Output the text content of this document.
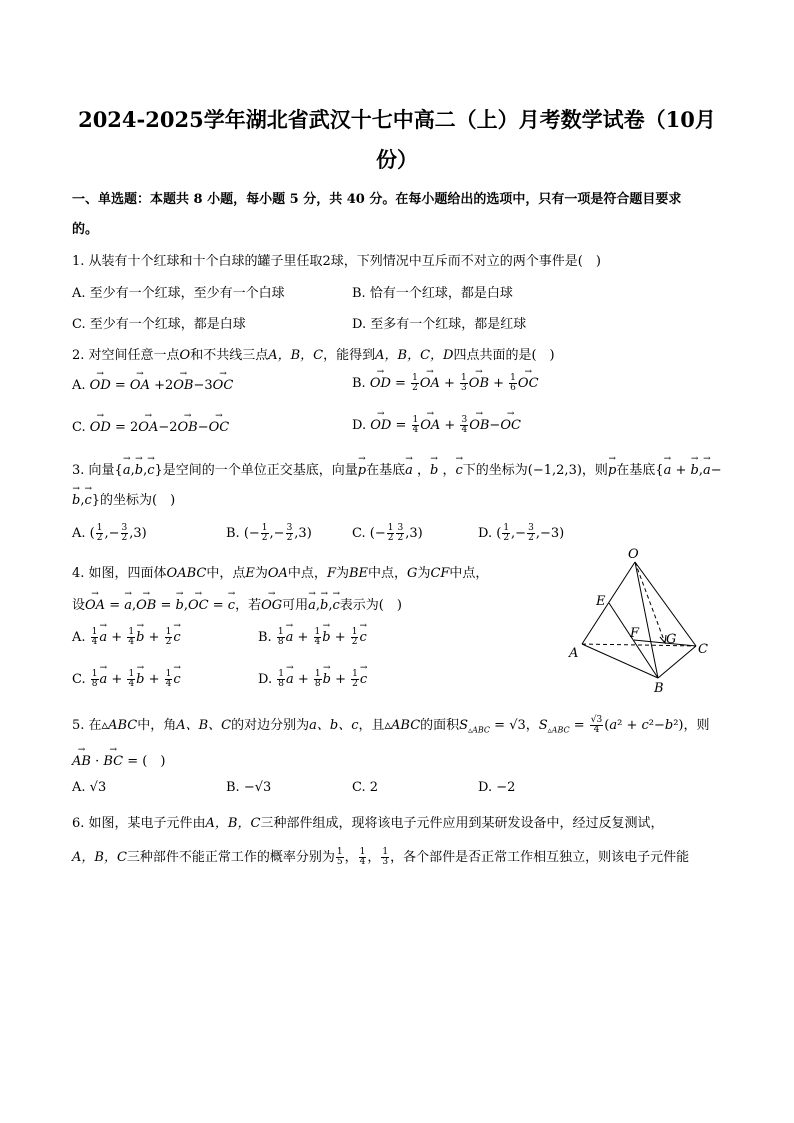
2024-2025学年湖北省武汉十七中高二（上）月考数学试卷（10月
份）
一、单选题：本题共 8 小题，每小题 5 分，共 40 分。在每小题给出的选项中，只有一项是符合题目要求
的。
1. 从装有十个红球和十个白球的罐子里任取2球，下列情况中互斥而不对立的两个事件是(　)
A. 至少有一个红球，至少有一个白球	B. 恰有一个红球，都是白球
C. 至少有一个红球，都是白球	D. 至多有一个红球，都是红球
2. 对空间任意一点O和不共线三点A，B，C，能得到A，B，C，D四点共面的是(　)
A. → OD = → OA +2→ OB−3→ OC	B. → OD = $\frac{1}{2}$
→ OA + $\frac{1}{3}$
→ OB + $\frac{1}{6}$
→ OC
C. → OD = 2→ OA−2→ OB−→ OC	D. → OD = $\frac{1}{4}$
→ OA + $\frac{3}{4}$
→ OB−→ OC
3. 向量{→ a,→ b,→ c}是空间的一个单位正交基底，向量→ p在基底→ a ，→ b ，→ c下的坐标为(−1,2,3)，则→ p在基底{→ a + → b,→ a−
→ b,→ c}的坐标为(　)
A. ( $\frac{1}{2}$ ,− $\frac{3}{2} ,3$)	B. (− $\frac{1}{2}$ ,− $\frac{3}{2} ,3$)	C. (− $\frac{1}{2} \frac{3}{2} ,3$)	D. ( $\frac{1}{2}$ ,− $\frac{3}{2} ,-3$)
4. 如图，四面体OABC中，点E为OA中点，F为BE中点，G为CF中点，
设→ OA = → a,→ OB = → b,→ OC = → c，若→ OG可用→ a,→ b,→ c表示为(　)
A. $\frac{1}{4}$
→ $a + \frac{1}{4}$
→ $b + \frac{1}{2}$
→ c	B. $\frac{1}{8}$
→ $a + \frac{1}{4}$
→ $b + \frac{1}{2}$
→ c
C. $\frac{1}{8}$
→ $a + \frac{1}{4}$
→ $b + \frac{1}{4}$
→ c	D. $\frac{1}{8}$
→ $a + \frac{1}{8}$
→ $b + \frac{1}{2}$
→ c
O
E
F G
A
B
C
5. 在▵ABC中，角A、B、C的对边分别为a、b、c，且▵ABC的面积$S_{▵ABC} = √3$，$S_{▵ABC} = \frac{√3}{4} (a^2 + c^2-b^2)$，则
→ AB · → BC = (　)
A. √3	B. −√3	C. 2	D. −2
6. 如图，某电子元件由A，B，C三种部件组成，现将该电子元件应用到某研发设备中，经过反复测试，
A，B，C三种部件不能正常工作的概率分别为 $\frac{1}{5}$ ， $\frac{1}{4}$ ， $\frac{1}{3}$ ，各个部件是否正常工作相互独立，则该电子元件能
